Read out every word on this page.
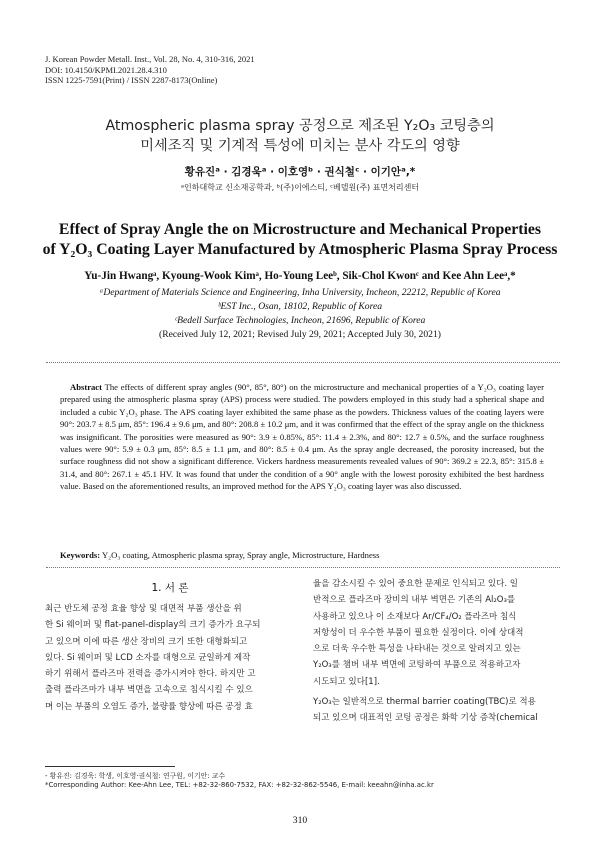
J. Korean Powder Metall. Inst., Vol. 28, No. 4, 310-316, 2021
DOI: 10.4150/KPMI.2021.28.4.310
ISSN 1225-7591(Print) / ISSN 2287-8173(Online)
Atmospheric plasma spray 공정으로 제조된 Y₂O₃ 코팅층의
미세조직 및 기계적 특성에 미치는 분사 각도의 영향
황유진ᵃ · 김경욱ᵃ · 이호영ᵇ · 권식철ᶜ · 이기안ᵃ,*
ᵃ인하대학교 신소재공학과, ᵇ(주)이에스티, ᶜ베델원(주) 표면처리센터
Effect of Spray Angle the on Microstructure and Mechanical Properties
of Y₂O₃ Coating Layer Manufactured by Atmospheric Plasma Spray Process
Yu-Jin Hwangᵃ, Kyoung-Wook Kimᵃ, Ho-Young Leeᵇ, Sik-Chol Kwonᶜ and Kee Ahn Leeᵃ,*
ᵃDepartment of Materials Science and Engineering, Inha University, Incheon, 22212, Republic of Korea
ᵇEST Inc., Osan, 18102, Republic of Korea
ᶜBedell Surface Technologies, Incheon, 21696, Republic of Korea
(Received July 12, 2021; Revised July 29, 2021; Accepted July 30, 2021)
Abstract The effects of different spray angles (90°, 85°, 80°) on the microstructure and mechanical properties of a Y₂O₃ coating layer prepared using the atmospheric plasma spray (APS) process were studied. The powders employed in this study had a spherical shape and included a cubic Y₂O₃ phase. The APS coating layer exhibited the same phase as the powders. Thickness values of the coating layers were 90°: 203.7 ± 8.5 μm, 85°: 196.4 ± 9.6 μm, and 80°: 208.8 ± 10.2 μm, and it was confirmed that the effect of the spray angle on the thickness was insignificant. The porosities were measured as 90°: 3.9 ± 0.85%, 85°: 11.4 ± 2.3%, and 80°: 12.7 ± 0.5%, and the surface roughness values were 90°: 5.9 ± 0.3 μm, 85°: 8.5 ± 1.1 μm, and 80°: 8.5 ± 0.4 μm. As the spray angle decreased, the porosity increased, but the surface roughness did not show a significant difference. Vickers hardness measurements revealed values of 90°: 369.2 ± 22.3, 85°: 315.8 ± 31.4, and 80°: 267.1 ± 45.1 HV. It was found that under the condition of a 90° angle with the lowest porosity exhibited the best hardness value. Based on the aforementioned results, an improved method for the APS Y₂O₃ coating layer was also discussed.
Keywords: Y₂O₃ coating, Atmospheric plasma spray, Spray angle, Microstructure, Hardness
1. 서 론
최근 반도체 공정 효율 향상 및 대면적 부품 생산을 위
한 Si 웨이퍼 및 flat-panel-display의 크기 증가가 요구되
고 있으며 이에 따른 생산 장비의 크기 또한 대형화되고
있다. Si 웨이퍼 및 LCD 소자를 대형으로 균일하게 제작
하기 위해서 플라즈마 전력을 증가시켜야 한다. 하지만 고
출력 플라즈마가 내부 벽면을 고속으로 침식시킬 수 있으
며 이는 부품의 오염도 증가, 불량률 향상에 따른 공정 효
율을 감소시킬 수 있어 중요한 문제로 인식되고 있다. 일
반적으로 플라즈마 장비의 내부 벽면은 기존의 Al₂O₃를
사용하고 있으나 이 소재보다 Ar/CF₄/O₂ 플라즈마 침식
저항성이 더 우수한 부품이 필요한 실정이다. 이에 상대적
으로 더욱 우수한 특성을 나타내는 것으로 알려지고 있는
Y₂O₃를 챔버 내부 벽면에 코팅하여 부품으로 적용하고자
시도되고 있다[1].
Y₂O₃는 일반적으로 thermal barrier coating(TBC)로 적용
되고 있으며 대표적인 코팅 공정은 화학 기상 증착(chemical
- 황유진: 김경욱: 학생, 이호영·권식철: 연구원, 이기안: 교수
*Corresponding Author: Kee-Ahn Lee, TEL: +82-32-860-7532, FAX: +82-32-862-5546, E-mail: keeahn@inha.ac.kr
310
